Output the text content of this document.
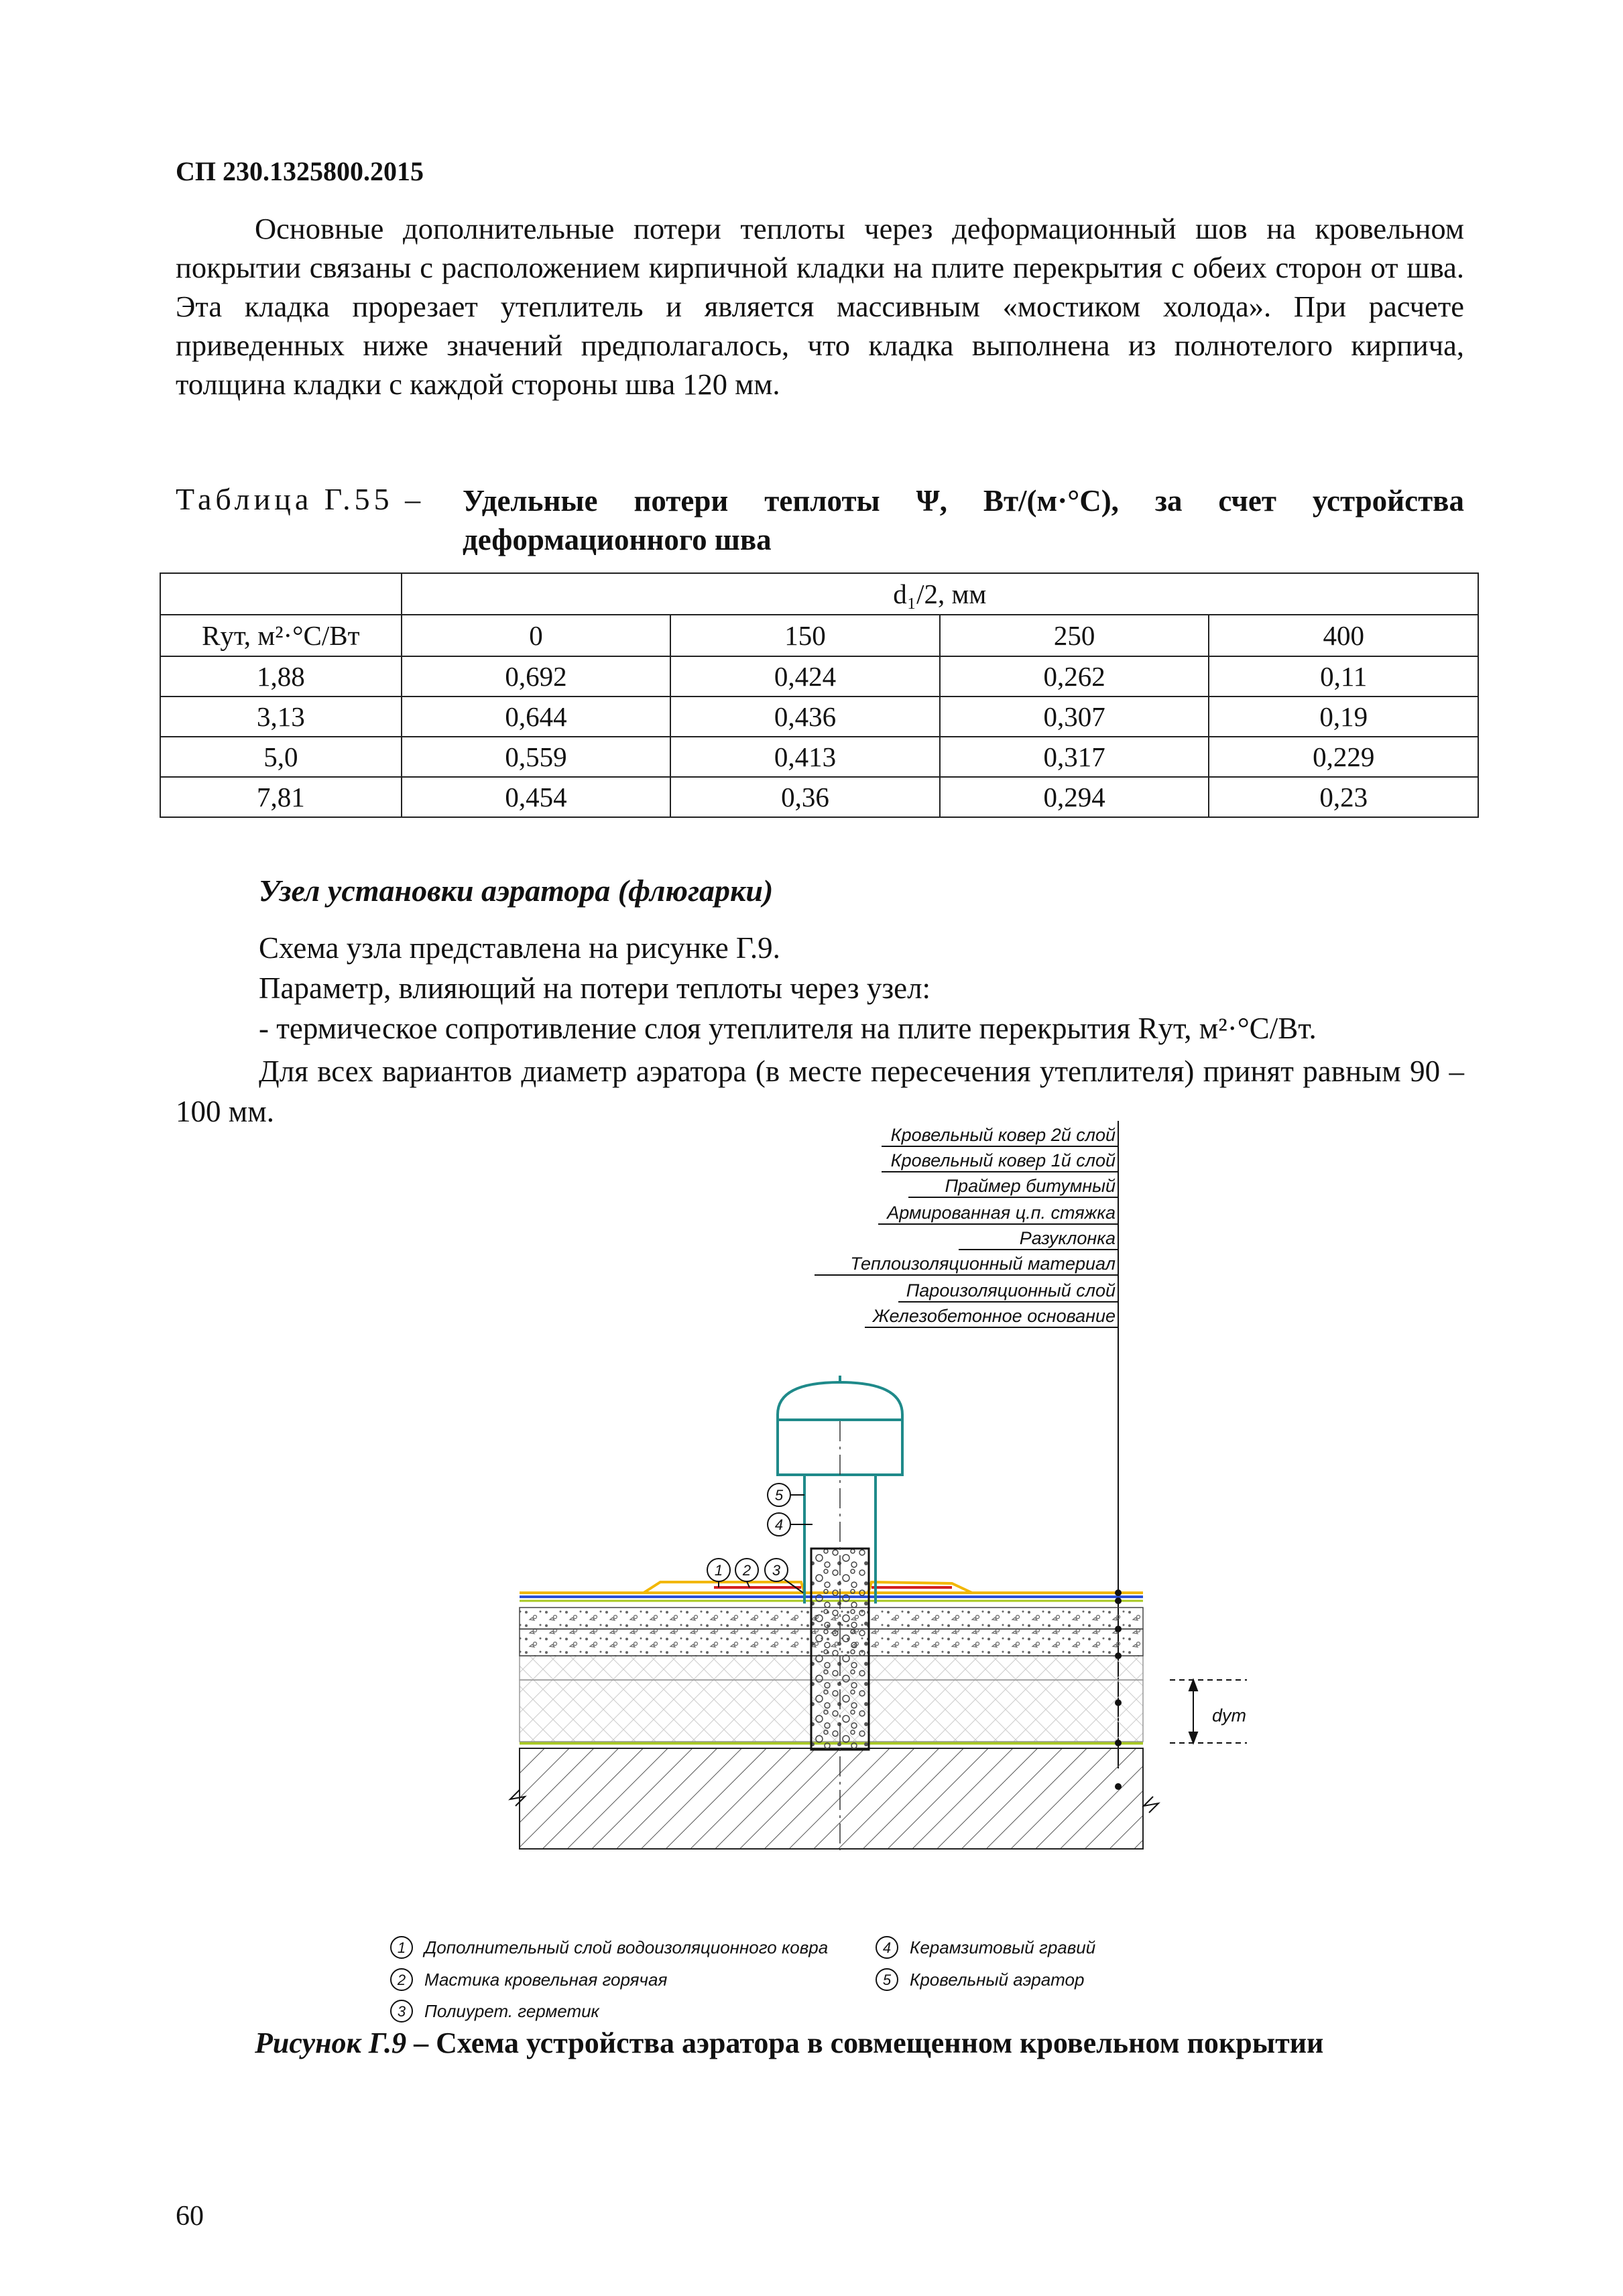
СП 230.1325800.2015
Основные дополнительные потери теплоты через деформационный шов на кровельном покрытии связаны с расположением кирпичной кладки на плите перекрытия с обеих сторон от шва. Эта кладка прорезает утеплитель и является массивным «мостиком холода». При расчете приведенных ниже значений предполагалось, что кладка выполнена из полнотелого кирпича, толщина кладки с каждой стороны шва 120 мм.
Таблица Г.55 – Удельные потери теплоты Ψ, Вт/(м·°С), за счет устройства деформационного шва
	d₁/2, мм			
Rут, м²·°С/Вт	0	150	250	400
1,88	0,692	0,424	0,262	0,11
3,13	0,644	0,436	0,307	0,19
5,0	0,559	0,413	0,317	0,229
7,81	0,454	0,36	0,294	0,23
Узел установки аэратора (флюгарки)
Схема узла представлена на рисунке Г.9.
Параметр, влияющий на потери теплоты через узел:
- термическое сопротивление слоя утеплителя на плите перекрытия Rут, м²·°С/Вт.
Для всех вариантов диаметр аэратора (в месте пересечения утеплителя) принят равным 90 – 100 мм.
Кровельный ковер 2й слой
Кровельный ковер 1й слой
Праймер битумный
Армированная ц.п. стяжка
Разуклонка
Теплоизоляционный материал
Пароизоляционный слой
Железобетонное основание
dут
1 2 3
4
5
1
2
3
4
5
Дополнительный слой водоизоляционного ковра
Мастика кровельная горячая
Полиурет. герметик
Керамзитовый гравий
Кровельный аэратор
Рисунок Г.9 – Схема устройства аэратора в совмещенном кровельном покрытии
60
